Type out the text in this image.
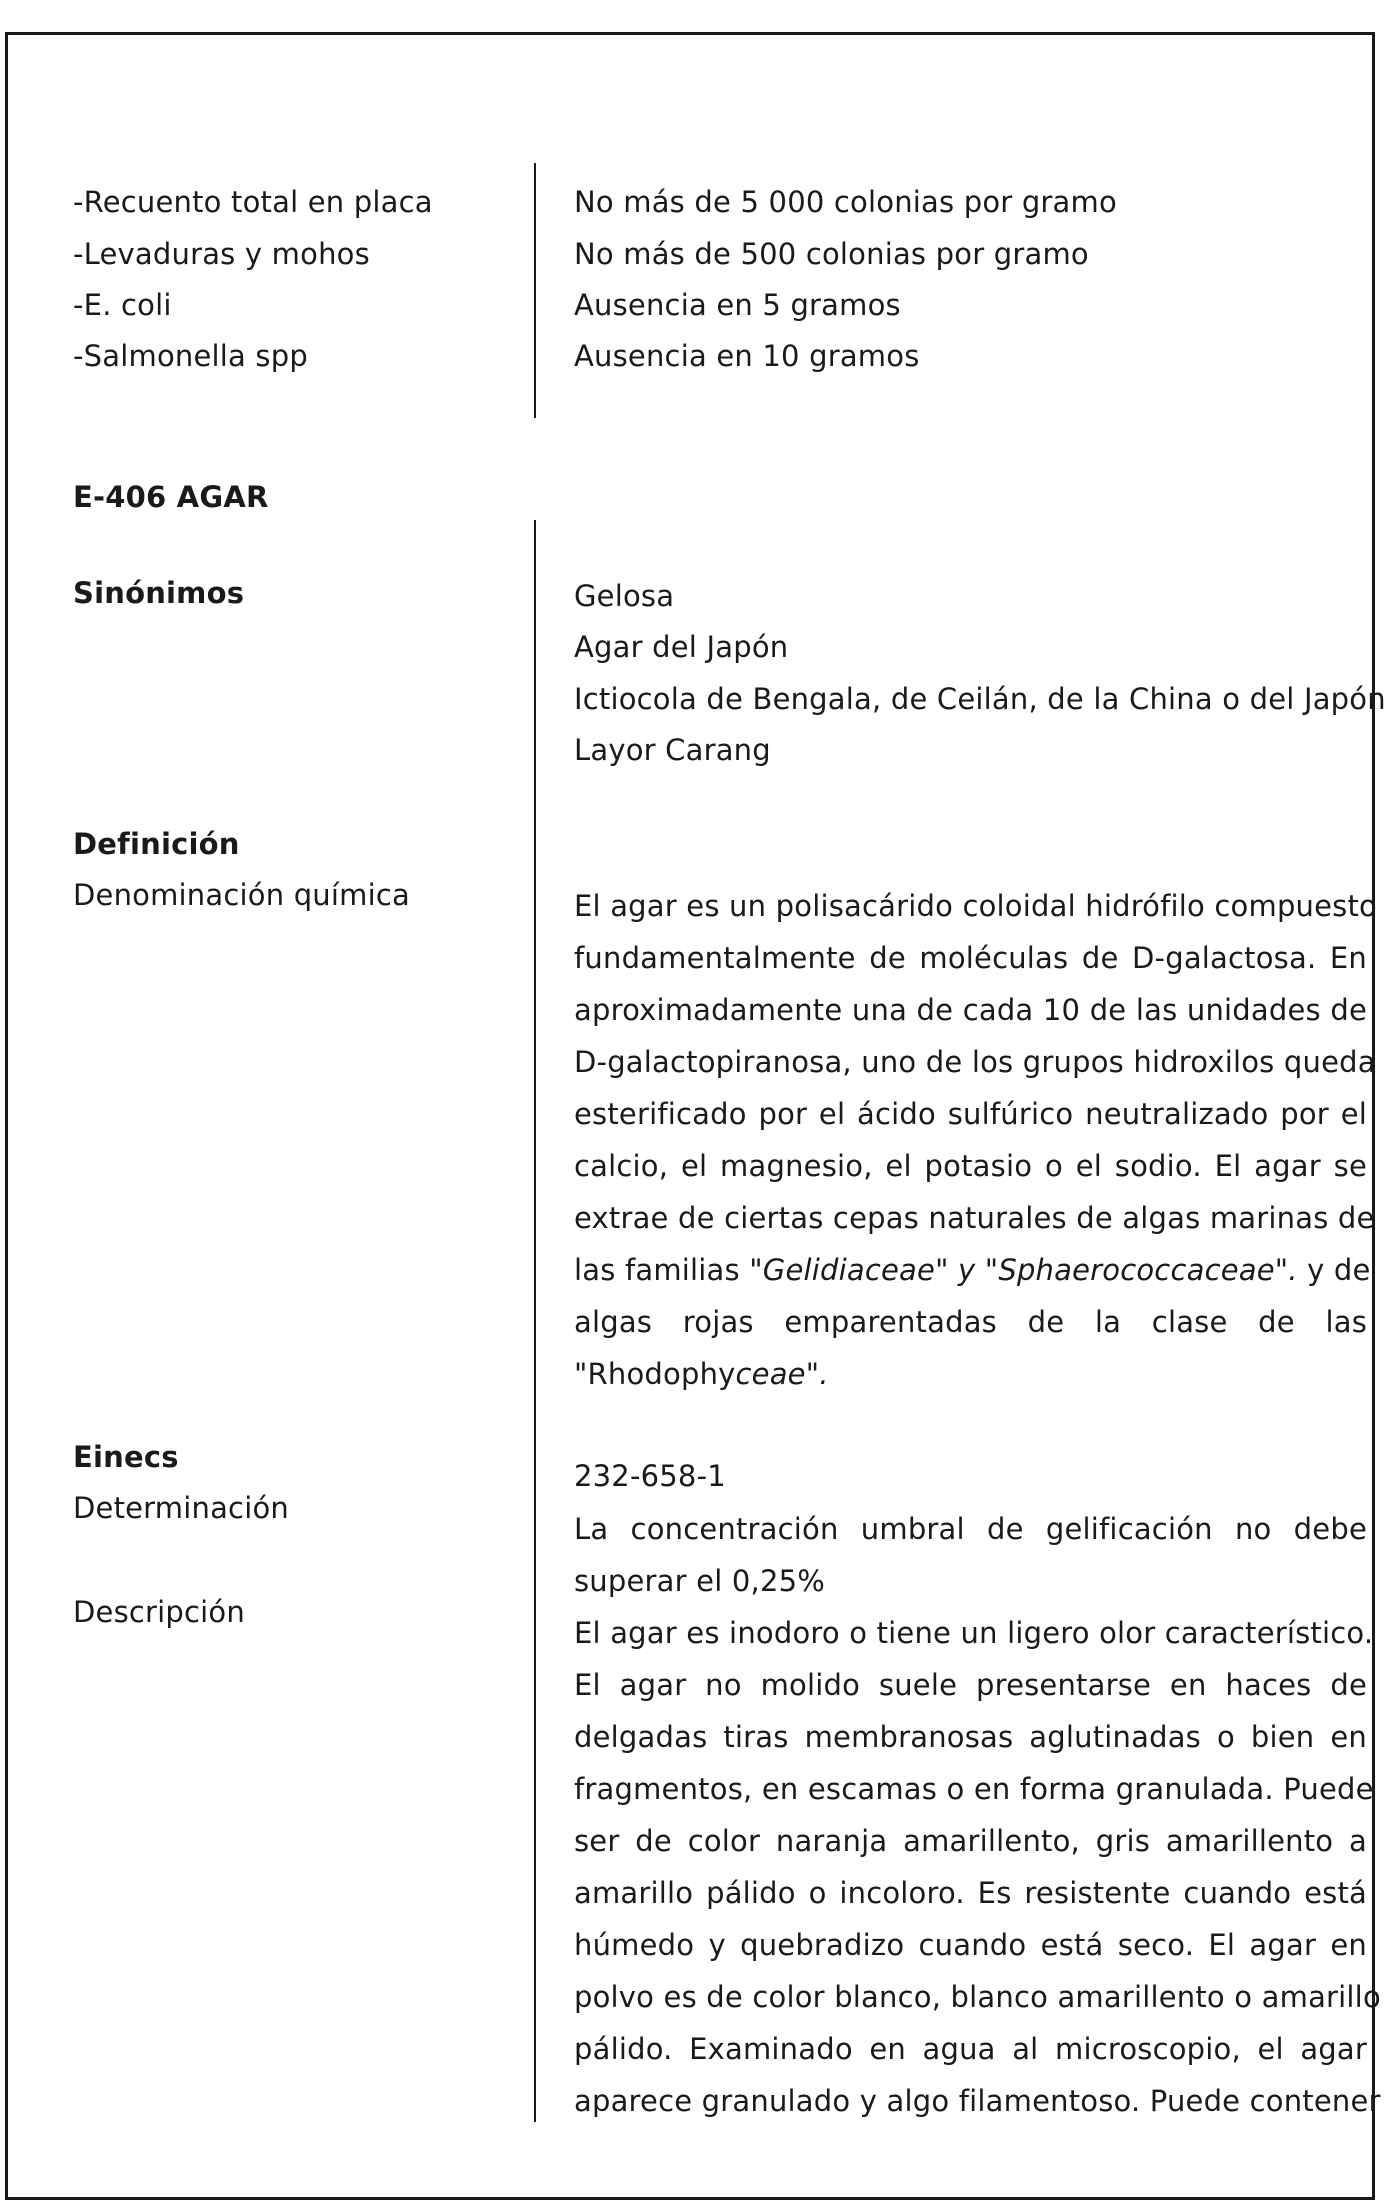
-Recuento total en placa
-Levaduras y mohos
-E. coli
-Salmonella spp
No más de 5 000 colonias por gramo
No más de 500 colonias por gramo
Ausencia en 5 gramos
Ausencia en 10 gramos
E-406 AGAR
Sinónimos	Gelosa
Agar del Japón
Ictiocola de Bengala, de Ceilán, de la China o del Japón
Layor Carang
Definición
Denominación química	El agar es un polisacárido coloidal hidrófilo compuesto
fundamentalmente de moléculas de D-galactosa. En
aproximadamente una de cada 10 de las unidades de
D-galactopiranosa, uno de los grupos hidroxilos queda
esterificado por el ácido sulfúrico neutralizado por el
calcio, el magnesio, el potasio o el sodio. El agar se
extrae de ciertas cepas naturales de algas marinas de
las familias "Gelidiaceae" y "Sphaerococcaceae". y de
algas rojas emparentadas de la clase de las
"Rhodophyceae".
Einecs
232-658-1
Determinación
La concentración umbral de gelificación no debe
superar el 0,25%
Descripción
El agar es inodoro o tiene un ligero olor característico.
El agar no molido suele presentarse en haces de
delgadas tiras membranosas aglutinadas o bien en
fragmentos, en escamas o en forma granulada. Puede
ser de color naranja amarillento, gris amarillento a
amarillo pálido o incoloro. Es resistente cuando está
húmedo y quebradizo cuando está seco. El agar en
polvo es de color blanco, blanco amarillento o amarillo
pálido. Examinado en agua al microscopio, el agar
aparece granulado y algo filamentoso. Puede contener
